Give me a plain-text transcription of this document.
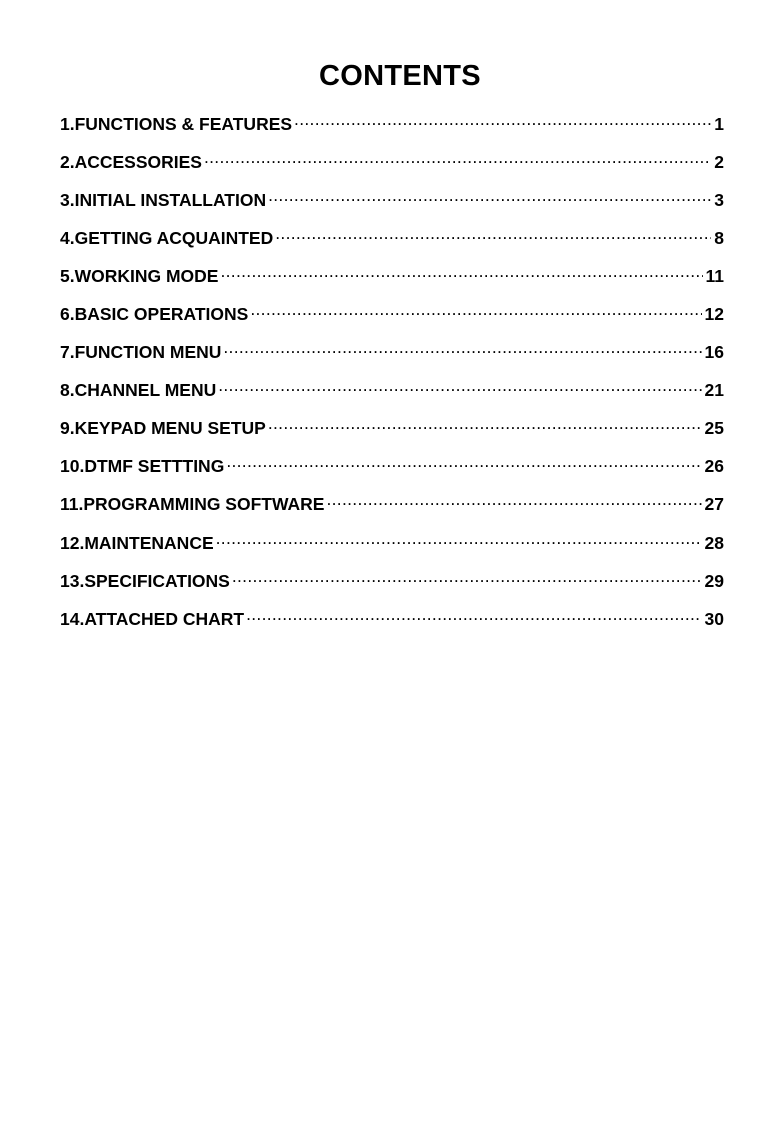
CONTENTS
1.FUNCTIONS & FEATURES .....	1
2.ACCESSORIES .....	2
3.INITIAL INSTALLATION .....	3
4.GETTING ACQUAINTED .....	8
5.WORKING MODE .....	11
6.BASIC OPERATIONS .....	12
7.FUNCTION MENU .....	16
8.CHANNEL MENU .....	21
9.KEYPAD MENU SETUP .....	25
10.DTMF SETTTING .....	26
11.PROGRAMMING SOFTWARE .....	27
12.MAINTENANCE .....	28
13.SPECIFICATIONS .....	29
14.ATTACHED CHART .....	30
